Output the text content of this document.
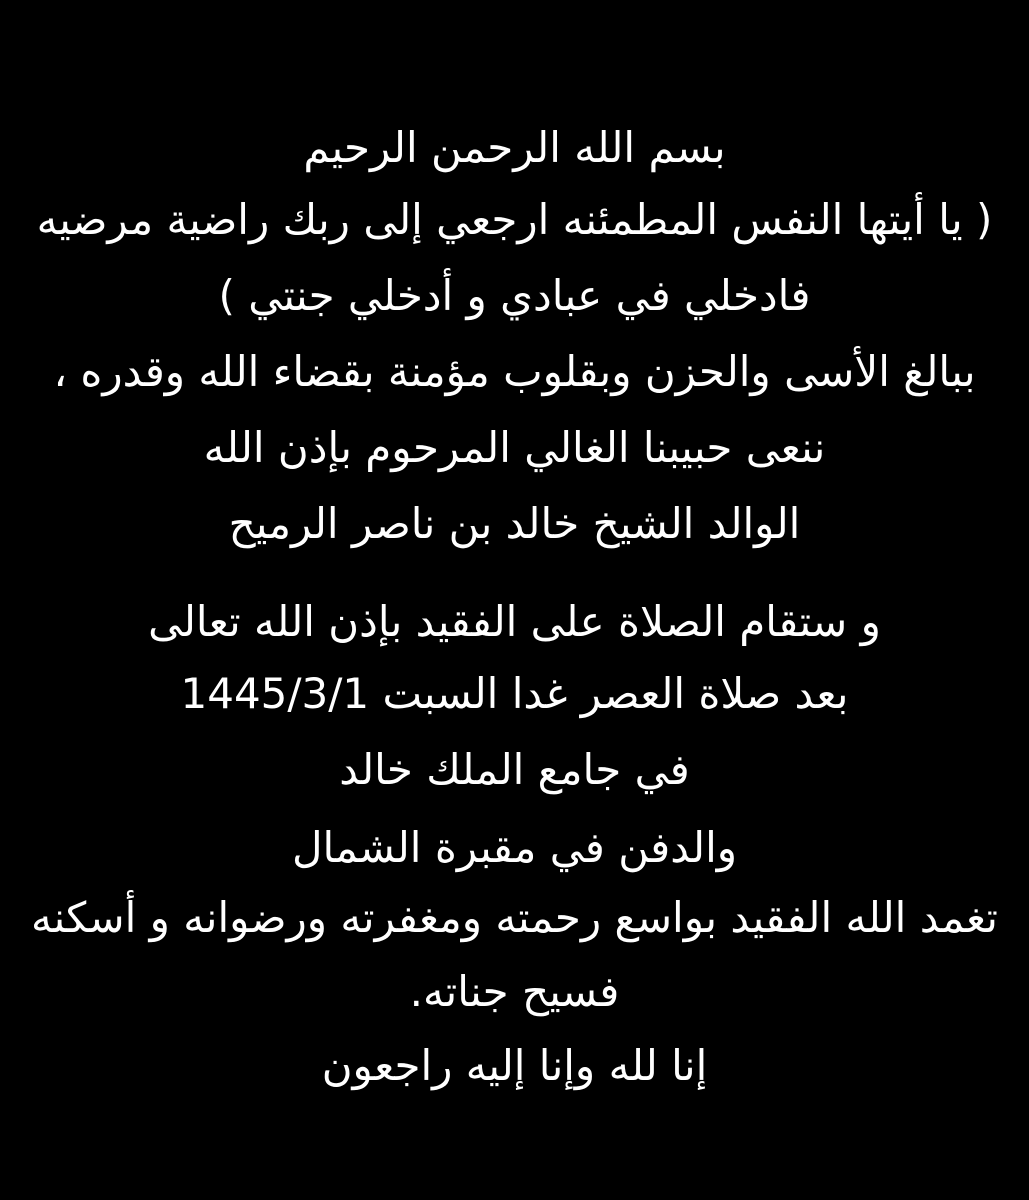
بسم الله الرحمن الرحيم
( يا أيتها النفس المطمئنه ارجعي إلى ربك راضية مرضيه
فادخلي في عبادي و أدخلي جنتي )
ببالغ الأسى والحزن وبقلوب مؤمنة بقضاء الله وقدره ،
ننعى حبيبنا الغالي المرحوم بإذن الله
الوالد الشيخ خالد بن ناصر الرميح
و ستقام الصلاة على الفقيد بإذن الله تعالى
بعد صلاة العصر غدا السبت 1445/3/1
في جامع الملك خالد
والدفن في مقبرة الشمال
تغمد الله الفقيد بواسع رحمته ومغفرته ورضوانه و أسكنه
فسيح جناته.
إنا لله وإنا إليه راجعون
